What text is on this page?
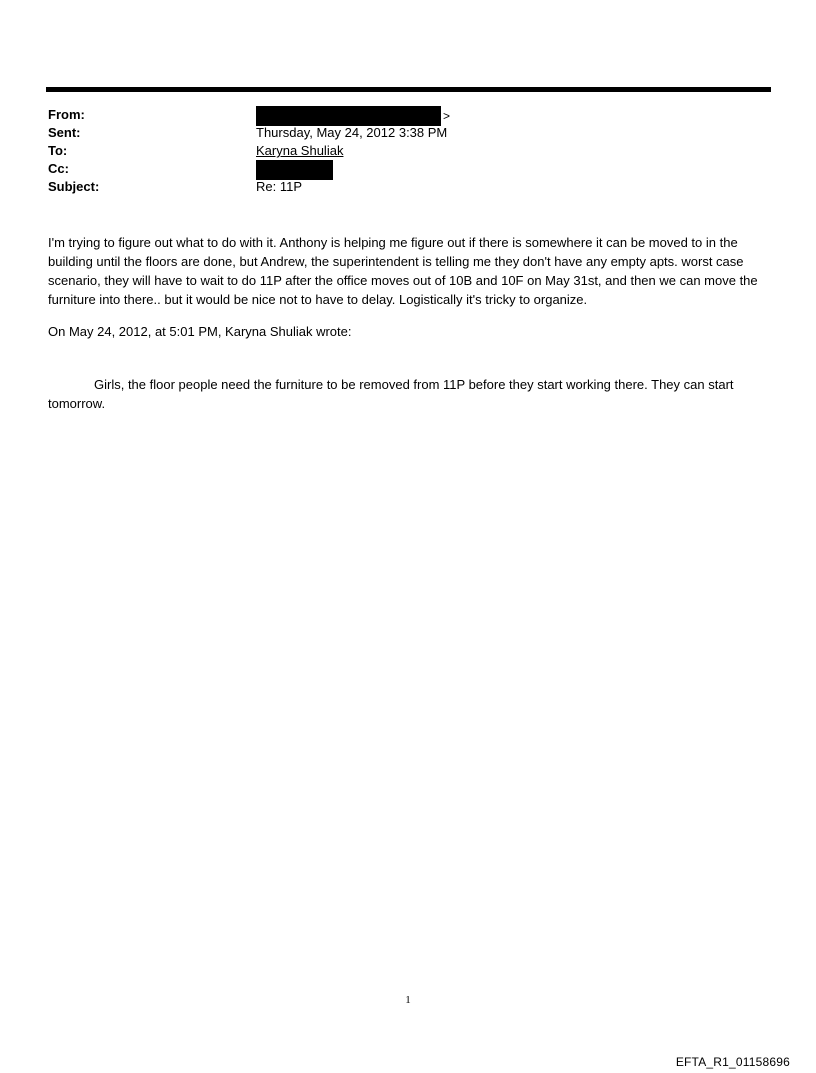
From:	>
Sent:	Thursday, May 24, 2012 3:38 PM
To:	Karyna Shuliak
Cc:
Subject:	Re: 11P

I'm trying to figure out what to do with it. Anthony is helping me figure out if there is somewhere it can be moved to in the building until the floors are done, but Andrew, the superintendent is telling me they don't have any empty apts. worst case scenario, they will have to wait to do 11P after the office moves out of 10B and 10F on May 31st, and then we can move the furniture into there.. but it would be nice not to have to delay. Logistically it's tricky to organize.

On May 24, 2012, at 5:01 PM, Karyna Shuliak wrote:

Girls, the floor people need the furniture to be removed from 11P before they start working there. They can start tomorrow.

1
EFTA_R1_01158696
